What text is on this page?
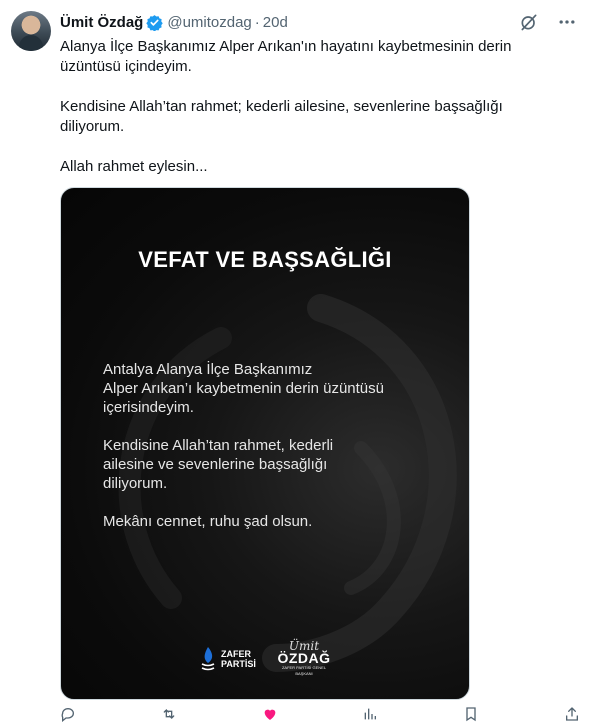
Ümit Özdağ @umitozdag · 20d

Alanya İlçe Başkanımız Alper Arıkan'ın hayatını kaybetmesinin derin

üzüntüsü içindeyim.

Kendisine Allah’tan rahmet; kederli ailesine, sevenlerine başsağlığı

diliyorum.

Allah rahmet eylesin...

VEFAT VE BAŞSAĞLIĞI

Antalya Alanya İlçe Başkanımız
Alper Arıkan’ı kaybetmenin derin üzüntüsü
içerisindeyim.

Kendisine Allah’tan rahmet, kederli
ailesine ve sevenlerine başsağlığı
diliyorum.

Mekânı cennet, ruhu şad olsun.

ZAFER
PARTİSİ
Ümit
ÖZDAĞ
ZAFER PARTİSİ GENEL BAŞKANI
